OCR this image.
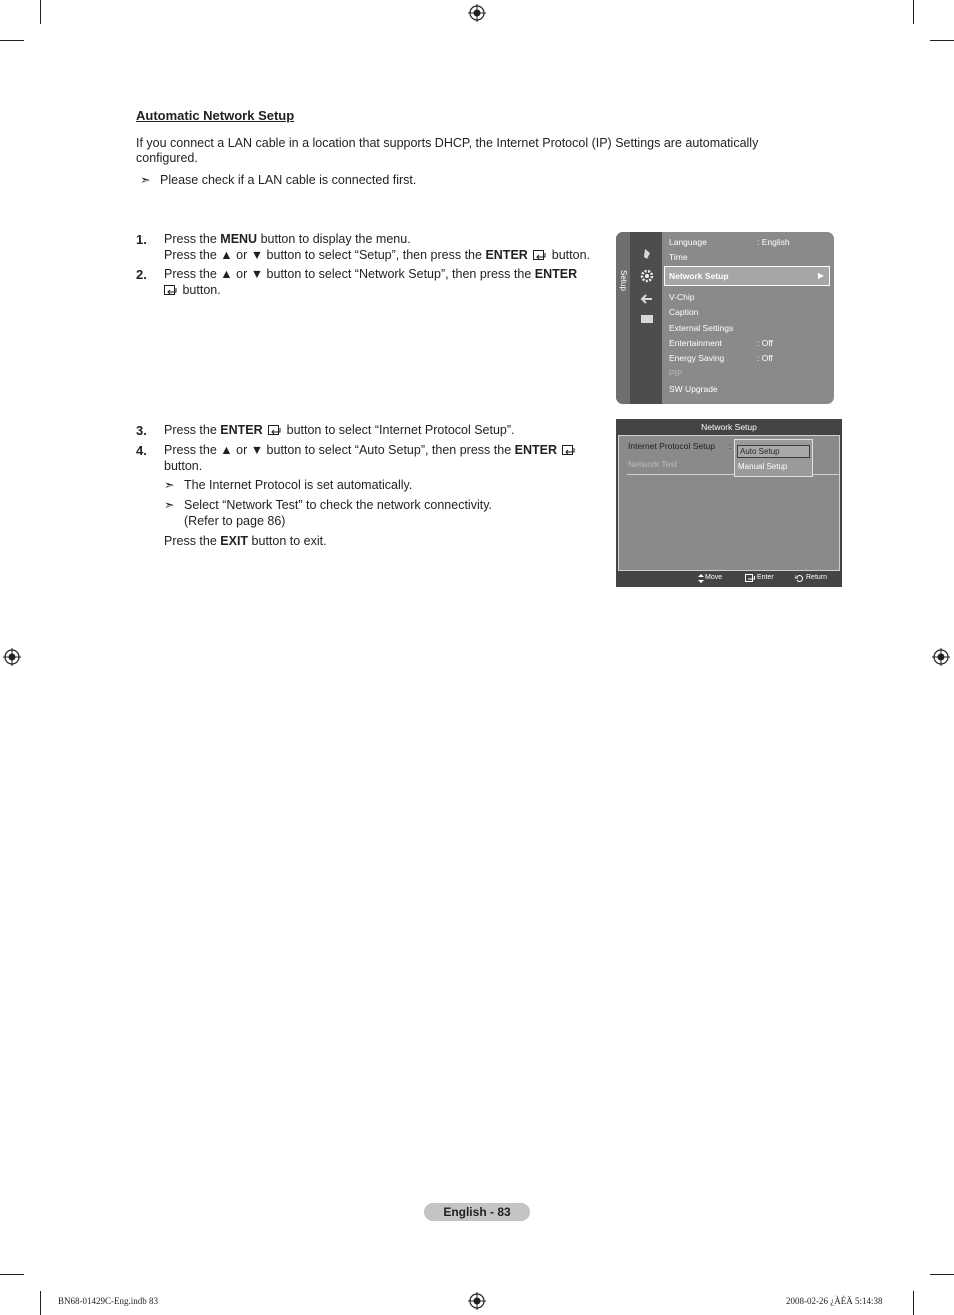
Automatic Network Setup
If you connect a LAN cable in a location that supports DHCP, the Internet Protocol (IP) Settings are automatically configured.
➣ Please check if a LAN cable is connected first.
1. Press the MENU button to display the menu.
Press the ▲ or ▼ button to select “Setup”, then press the ENTER  button.
2. Press the ▲ or ▼ button to select “Network Setup”, then press the ENTER
button.
3. Press the ENTER  button to select “Internet Protocol Setup”.
4. Press the ▲ or ▼ button to select “Auto Setup”, then press the ENTER
button.
➣ The Internet Protocol is set automatically.
➣ Select “Network Test” to check the network connectivity.
(Refer to page 86)
Press the EXIT button to exit.
Setup
Language	: English
Time
Network Setup	▶
V-Chip
Caption
External Settings
Entertainment	: Off
Energy Saving	: Off
PIP
SW Upgrade
Network Setup
Internet Protocol Setup :
Network Test
Auto Setup
Manual Setup
Move	Enter	Return
English - 83
BN68-01429C-Eng.indb 83	2008-02-26 ¿ÀÈÄ 5:14:38
